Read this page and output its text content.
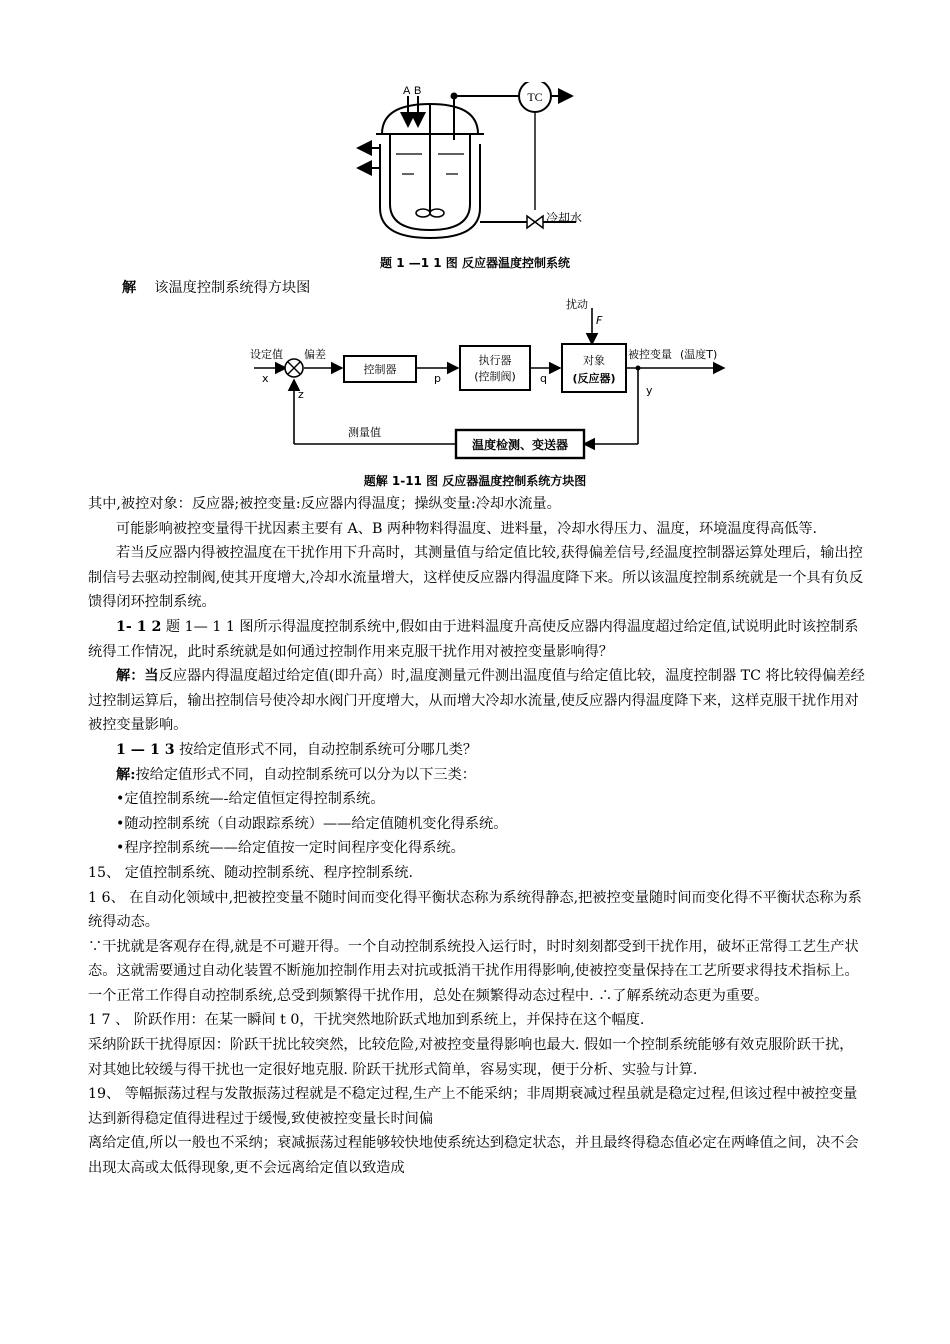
TC
A B
冷却水
题 1 —1 1 图 反应器温度控制系统
解 该温度控制系统得方块图
扰动
F
设定值
x
偏差
z
控制器
p
执行器
(控制阀) q
对象
(反应器)
被控变量 (温度T)
y
测量值
温度检测、变送器
题解 1-11 图 反应器温度控制系统方块图

其中,被控对象：反应器;被控变量:反应器内得温度；操纵变量:冷却水流量。

可能影响被控变量得干扰因素主要有 A、B 两种物料得温度、进料量，冷却水得压力、温度，环境温度得高低等.

若当反应器内得被控温度在干扰作用下升高时，其测量值与给定值比较,获得偏差信号,经温度控制器运算处理后，输出控制信号去驱动控制阀,使其开度增大,冷却水流量增大，这样使反应器内得温度降下来。所以该温度控制系统就是一个具有负反馈得闭环控制系统。

1- 1 2 题 1— 1 1 图所示得温度控制系统中,假如由于进料温度升高使反应器内得温度超过给定值,试说明此时该控制系统得工作情况，此时系统就是如何通过控制作用来克服干扰作用对被控变量影响得？

解：当反应器内得温度超过给定值(即升高）时,温度测量元件测出温度值与给定值比较，温度控制器 TC 将比较得偏差经过控制运算后，输出控制信号使冷却水阀门开度增大，从而增大冷却水流量,使反应器内得温度降下来，这样克服干扰作用对被控变量影响。

1 — 1 3 按给定值形式不同，自动控制系统可分哪几类？

解:按给定值形式不同，自动控制系统可以分为以下三类：

•定值控制系统—-给定值恒定得控制系统。

•随动控制系统（自动跟踪系统）——给定值随机变化得系统。

•程序控制系统——给定值按一定时间程序变化得系统。

15、 定值控制系统、随动控制系统、程序控制系统.

1 6、 在自动化领域中,把被控变量不随时间而变化得平衡状态称为系统得静态,把被控变量随时间而变化得不平衡状态称为系统得动态。

∵干扰就是客观存在得,就是不可避开得。一个自动控制系统投入运行时，时时刻刻都受到干扰作用，破坏正常得工艺生产状态。这就需要通过自动化装置不断施加控制作用去对抗或抵消干扰作用得影响,使被控变量保持在工艺所要求得技术指标上。一个正常工作得自动控制系统,总受到频繁得干扰作用，总处在频繁得动态过程中. ∴了解系统动态更为重要。

1 7 、 阶跃作用：在某一瞬间 t 0，干扰突然地阶跃式地加到系统上，并保持在这个幅度.

采纳阶跃干扰得原因：阶跃干扰比较突然，比较危险,对被控变量得影响也最大. 假如一个控制系统能够有效克服阶跃干扰，对其她比较缓与得干扰也一定很好地克服. 阶跃干扰形式简单，容易实现，便于分析、实验与计算.

19、 等幅振荡过程与发散振荡过程就是不稳定过程,生产上不能采纳；非周期衰减过程虽就是稳定过程,但该过程中被控变量达到新得稳定值得进程过于缓慢,致使被控变量长时间偏

离给定值,所以一般也不采纳；衰减振荡过程能够较快地使系统达到稳定状态，并且最终得稳态值必定在两峰值之间，决不会出现太高或太低得现象,更不会远离给定值以致造成
